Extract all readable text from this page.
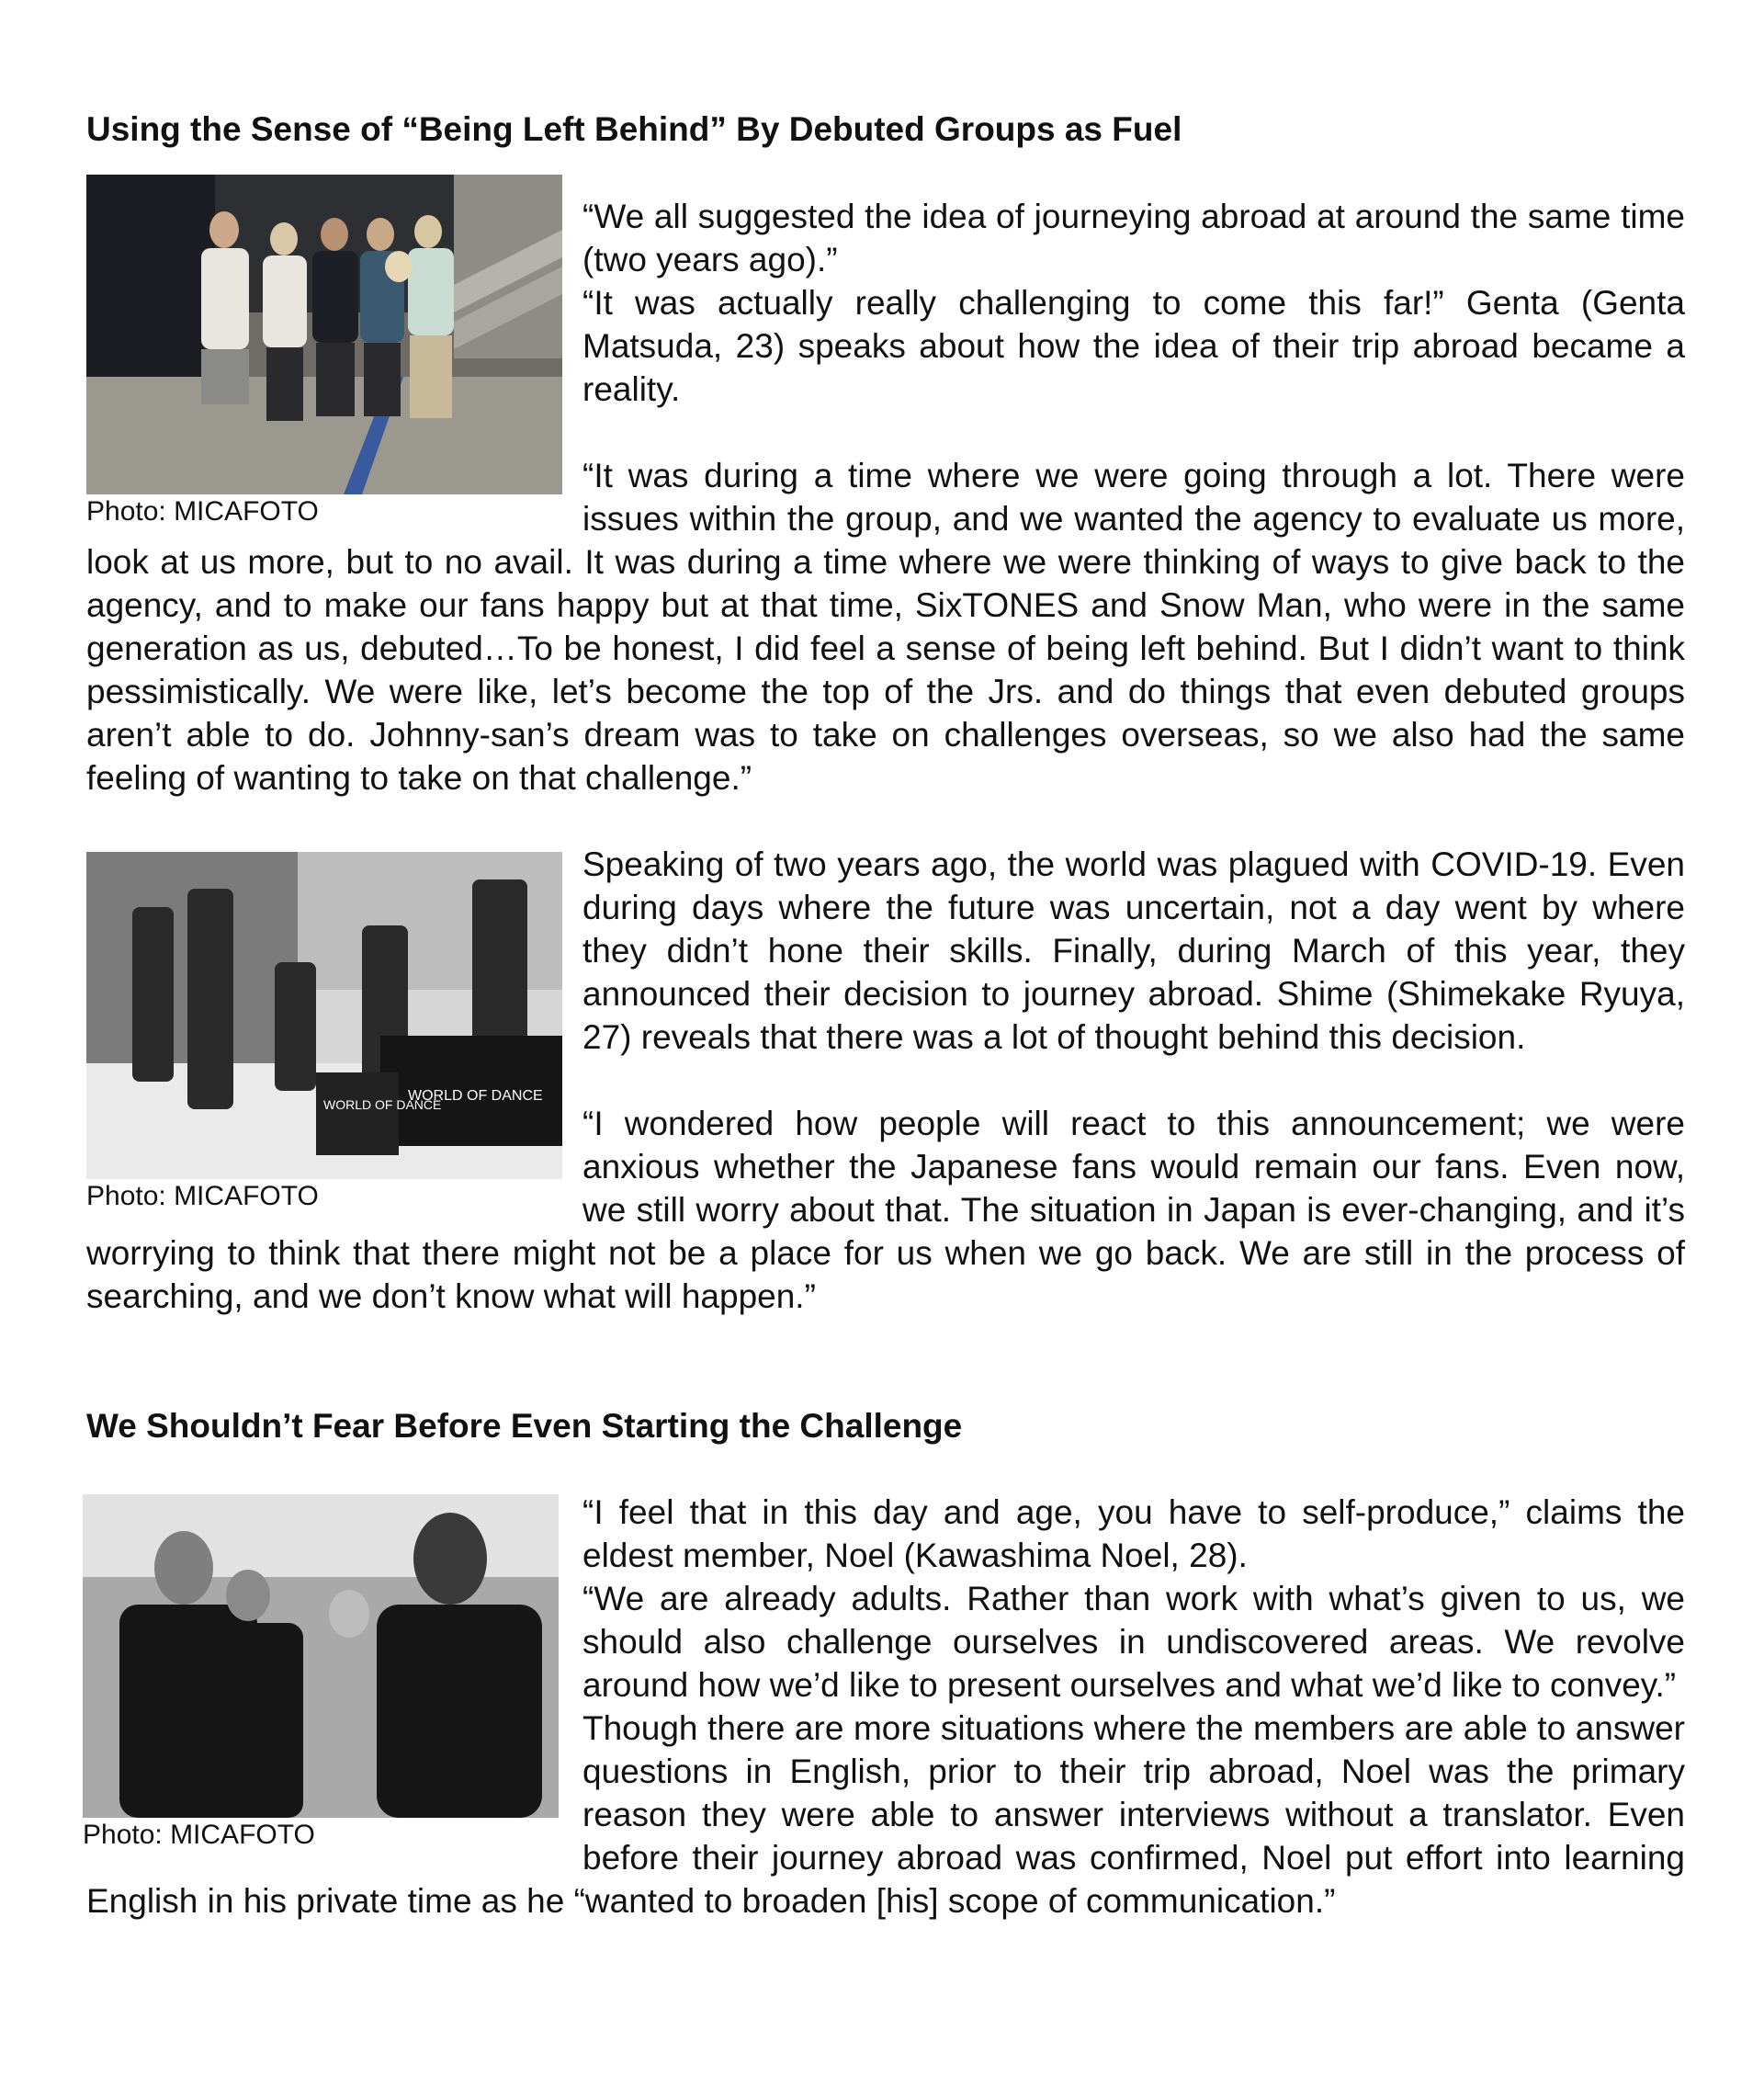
Using the Sense of “Being Left Behind” By Debuted Groups as Fuel
Photo: MICAFOTO

“We all suggested the idea of journeying abroad at around the same time (two years ago).”

“It was actually really challenging to come this far!” Genta (Genta Matsuda, 23) speaks about how the idea of their trip abroad became a reality.

“It was during a time where we were going through a lot. There were issues within the group, and we wanted the agency to evaluate us more, look at us more, but to no avail. It was during a time where we were thinking of ways to give back to the agency, and to make our fans happy but at that time, SixTONES and Snow Man, who were in the same generation as us, debuted…To be honest, I did feel a sense of being left behind. But I didn’t want to think pessimistically. We were like, let’s become the top of the Jrs. and do things that even debuted groups aren’t able to do. Johnny-san’s dream was to take on challenges overseas, so we also had the same feeling of wanting to take on that challenge.”

WORLD OF DANCE
WORLD OF DANCE
Photo: MICAFOTO

Speaking of two years ago, the world was plagued with COVID-19. Even during days where the future was uncertain, not a day went by where they didn’t hone their skills. Finally, during March of this year, they announced their decision to journey abroad. Shime (Shimekake Ryuya, 27) reveals that there was a lot of thought behind this decision.

“I wondered how people will react to this announcement; we were anxious whether the Japanese fans would remain our fans. Even now, we still worry about that. The situation in Japan is ever-changing, and it’s worrying to think that there might not be a place for us when we go back. We are still in the process of searching, and we don’t know what will happen.”

We Shouldn’t Fear Before Even Starting the Challenge
Photo: MICAFOTO

“I feel that in this day and age, you have to self-produce,” claims the eldest member, Noel (Kawashima Noel, 28).

“We are already adults. Rather than work with what’s given to us, we should also challenge ourselves in undiscovered areas. We revolve around how we’d like to present ourselves and what we’d like to convey.”

Though there are more situations where the members are able to answer questions in English, prior to their trip abroad, Noel was the primary reason they were able to answer interviews without a translator. Even before their journey abroad was confirmed, Noel put effort into learning English in his private time as he “wanted to broaden [his] scope of communication.”
